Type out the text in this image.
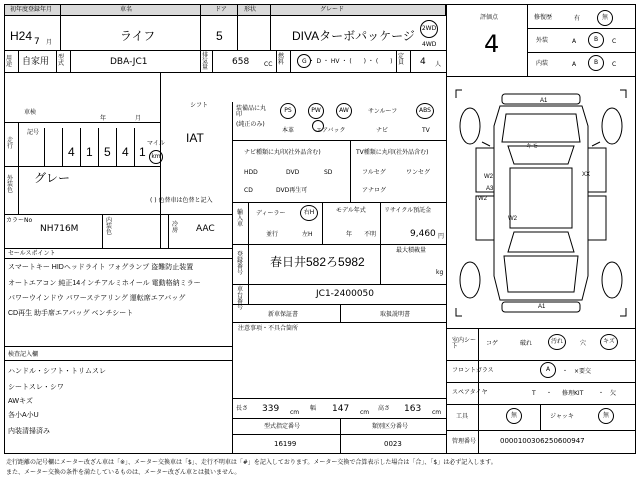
初年度登録年月	車名	ドア	形状	グレード
H24 7 月	ライフ	5	DIVAターボパッケージ
2WD
4WD
用途	自家用 型式	DBA-JC1
排気量
658 CC
燃料	G ・ D ・ HV ・ (　　) ・ (　　)
定員	4 人
車検
年	月
走行
記号
4 1 5 4 1
マイル
km
シフト
IAT
外装色
グレー
( ) 色替車は色替と記入
カラーNo
NH716M
内装色
冷房 AAC
装備品に丸印
(純正のみ)
PS	PW	AW	サンルーフ	ABS
本革	エアバック	ナビ	TV
ナビ種類に丸印(社外品含む)	TV種類に丸印(社外品含む)
HDD	DVD	SD
CD	DVD再生可
フルセグ	ワンセグ
アナログ
輸入車
ディーラー	右H
並行	左H
モデル年式
年 不明
リサイクル預託金
9,460 円
登録番号
春日井582ろ5982
最大積載量
kg
車台番号
JC1-2400050
新車保証書	取扱説明書
注意事項・不具合箇所
セールスポイント
スマートキー HIDヘッドライト フォグランプ 盗難防止装置
オートエアコン 純正14インチアルミホイール 電動格納ミラー
パワーウインドウ パワーステアリング 運転席エアバッグ
CD再生 助手席エアバッグ ベンチシート
検査記入欄
ハンドル・シフト・トリムスレ
シートスレ・シワ
AWキズ
各小A小U
内装清掃済み
長さ 339 cm
幅 147 cm
高さ 163 cm
型式指定番号	類別区分番号
16199	0023
評価点
4
修復歴	有	無
外装	A	B	C
内装	A	B	C
A1
キモ
W2
W2
A3
W2
XX
A1
室内シート	コゲ	破れ	汚れ	穴	キズ
フロントガラス	A	・ ×要交
スペアタイヤ	T ・ 修理KIT ・ 欠
工具	無	ジャッキ	無
管理番号	0000100306250600947
走行距離の記号欄にメーター改ざん車は「※」、メーター交換車は「$」、走行不明車は「#」を記入しております。メーター交換で合算表示した場合は「合」、「$」は必ず記入します。
また、メーター交換の条件を満たしているものは、メーター改ざん車とは扱いません。
